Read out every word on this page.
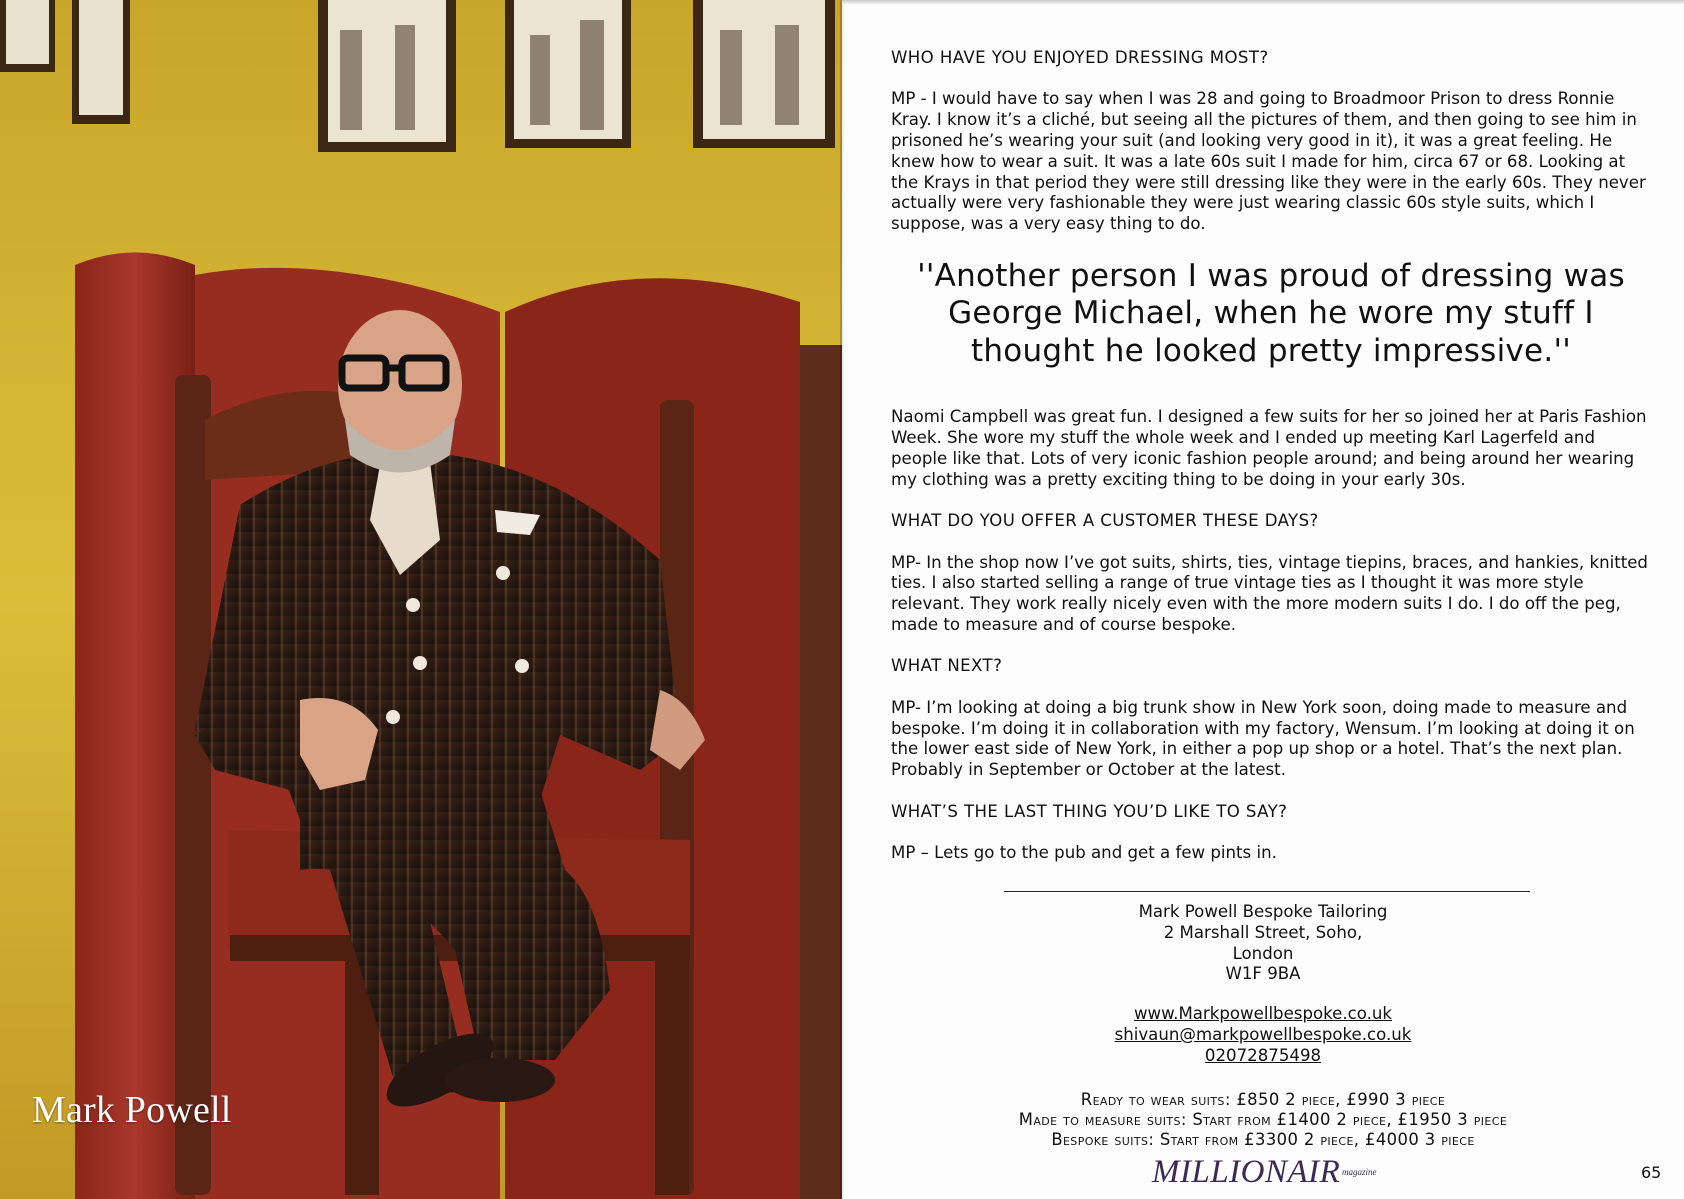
Mark Powell

WHO HAVE YOU ENJOYED DRESSING MOST?

MP - I would have to say when I was 28 and going to Broadmoor Prison to dress Ronnie Kray. I know it’s a cliché, but seeing all the pictures of them, and then going to see him in prisoned he’s wearing your suit (and looking very good in it), it was a great feeling. He knew how to wear a suit. It was a late 60s suit I made for him, circa 67 or 68. Looking at the Krays in that period they were still dressing like they were in the early 60s. They never actually were very fashionable they were just wearing classic 60s style suits, which I suppose, was a very easy thing to do.

''Another person I was proud of dressing was George Michael, when he wore my stuff I thought he looked pretty impressive.''

Naomi Campbell was great fun. I designed a few suits for her so joined her at Paris Fashion Week. She wore my stuff the whole week and I ended up meeting Karl Lagerfeld and people like that. Lots of very iconic fashion people around; and being around her wearing my clothing was a pretty exciting thing to be doing in your early 30s.

WHAT DO YOU OFFER A CUSTOMER THESE DAYS?

MP- In the shop now I’ve got suits, shirts, ties, vintage tiepins, braces, and hankies, knitted ties. I also started selling a range of true vintage ties as I thought it was more style relevant. They work really nicely even with the more modern suits I do. I do off the peg, made to measure and of course bespoke.

WHAT NEXT?

MP- I’m looking at doing a big trunk show in New York soon, doing made to measure and bespoke. I’m doing it in collaboration with my factory, Wensum. I’m looking at doing it on the lower east side of New York, in either a pop up shop or a hotel. That’s the next plan. Probably in September or October at the latest.

WHAT’S THE LAST THING YOU’D LIKE TO SAY?

MP – Lets go to the pub and get a few pints in.

Mark Powell Bespoke Tailoring
2 Marshall Street, Soho,
London
W1F 9BA
www.Markpowellbespoke.co.uk
shivaun@markpowellbespoke.co.uk
02072875498
Ready to wear suits: £850 2 piece, £990 3 piece
Made to measure suits: Start from £1400 2 piece, £1950 3 piece
Bespoke suits: Start from £3300 2 piece, £4000 3 piece
MILLIONAIR magazine	65
